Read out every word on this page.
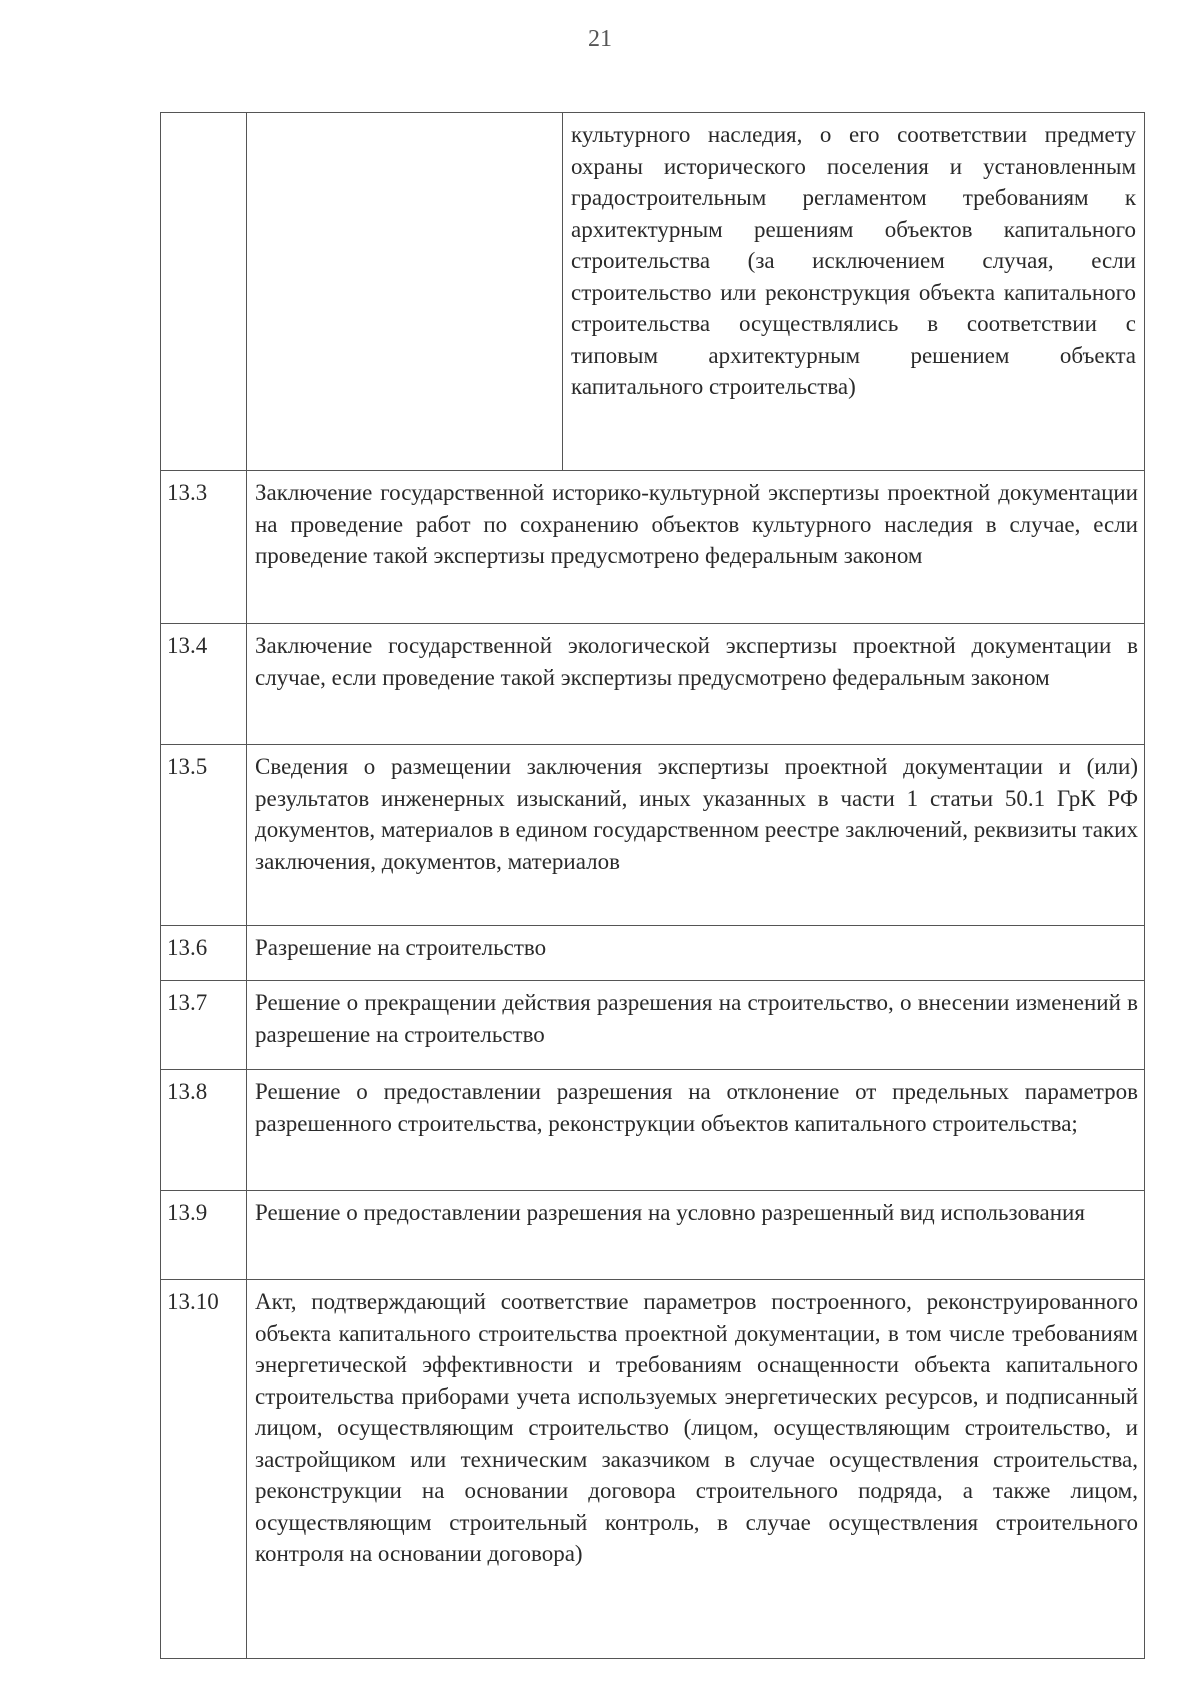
21
		культурного наследия, о его соответствии предмету охраны исторического поселения и установленным градостроительным регламентом требованиям к архитектурным решениям объектов капитального строительства (за исключением случая, если строительство или реконструкция объекта капитального строительства осуществлялись в соответствии с типовым архитектурным решением объекта капитального строительства)
13.3	Заключение государственной историко-культурной экспертизы проектной документации на проведение работ по сохранению объектов культурного наследия в случае, если проведение такой экспертизы предусмотрено федеральным законом	
13.4	Заключение государственной экологической экспертизы проектной документации в случае, если проведение такой экспертизы предусмотрено федеральным законом	
13.5	Сведения о размещении заключения экспертизы проектной документации и (или) результатов инженерных изысканий, иных указанных в части 1 статьи 50.1 ГрК РФ документов, материалов в едином государственном реестре заключений, реквизиты таких заключения, документов, материалов	
13.6	Разрешение на строительство	
13.7	Решение о прекращении действия разрешения на строительство, о внесении изменений в разрешение на строительство	
13.8	Решение о предоставлении разрешения на отклонение от предельных параметров разрешенного строительства, реконструкции объектов капитального строительства;	
13.9	Решение о предоставлении разрешения на условно разрешенный вид использования	
13.10	Акт, подтверждающий соответствие параметров построенного, реконструированного объекта капитального строительства проектной документации, в том числе требованиям энергетической эффективности и требованиям оснащенности объекта капитального строительства приборами учета используемых энергетических ресурсов, и подписанный лицом, осуществляющим строительство (лицом, осуществляющим строительство, и застройщиком или техническим заказчиком в случае осуществления строительства, реконструкции на основании договора строительного подряда, а также лицом, осуществляющим строительный контроль, в случае осуществления строительного контроля на основании договора)	
